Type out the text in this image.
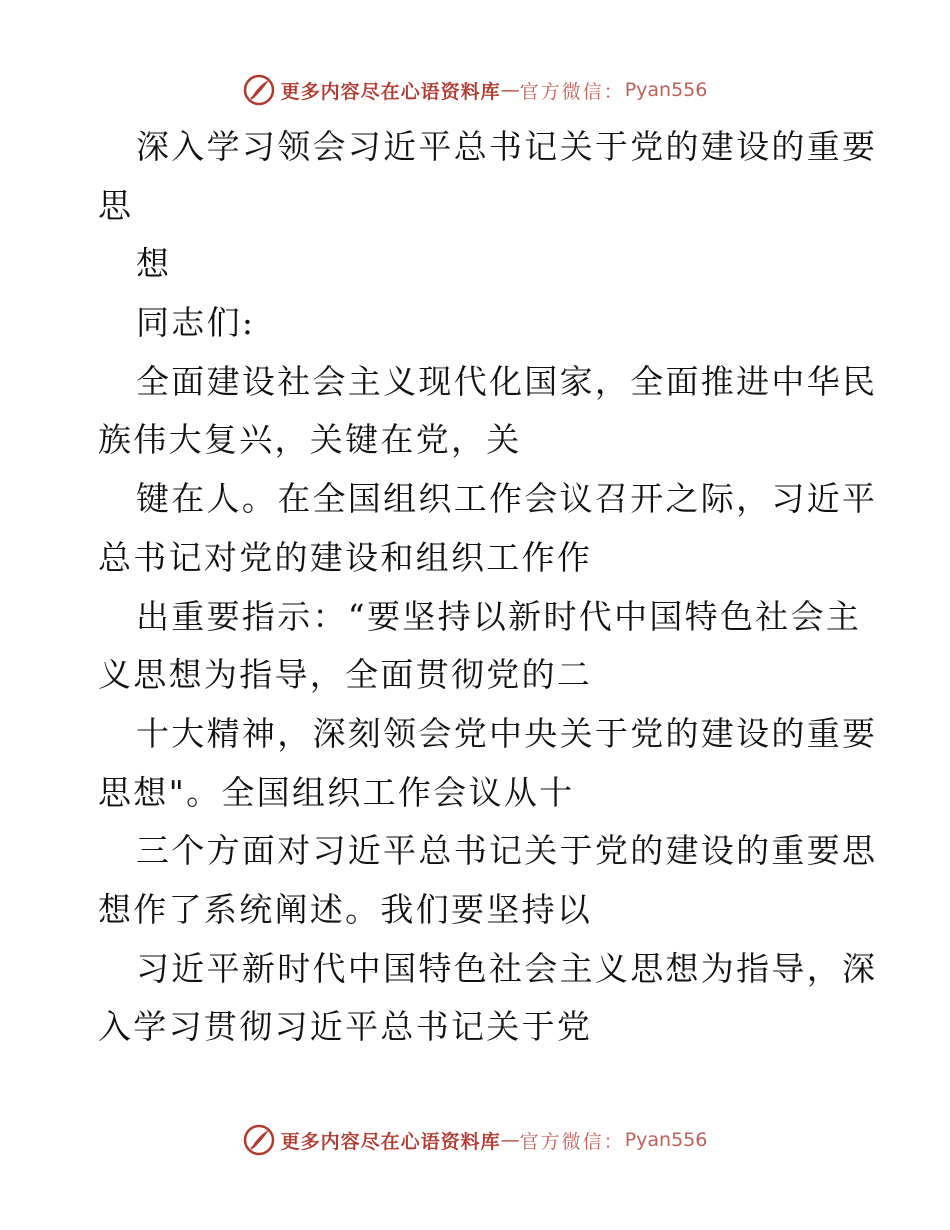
更多内容尽在心语资料库 — 官方微信： Pyan556
深入学习领会习近平总书记关于党的建设的重要
思
想
同志们:
全面建设社会主义现代化国家，全面推进中华民
族伟大复兴，关键在党，关
键在人。在全国组织工作会议召开之际，习近平
总书记对党的建设和组织工作作
出重要指示：“要坚持以新时代中国特色社会主
义思想为指导，全面贯彻党的二
十大精神，深刻领会党中央关于党的建设的重要
思想"。全国组织工作会议从十
三个方面对习近平总书记关于党的建设的重要思
想作了系统阐述。我们要坚持以
习近平新时代中国特色社会主义思想为指导，深
入学习贯彻习近平总书记关于党
更多内容尽在心语资料库 — 官方微信： Pyan556
